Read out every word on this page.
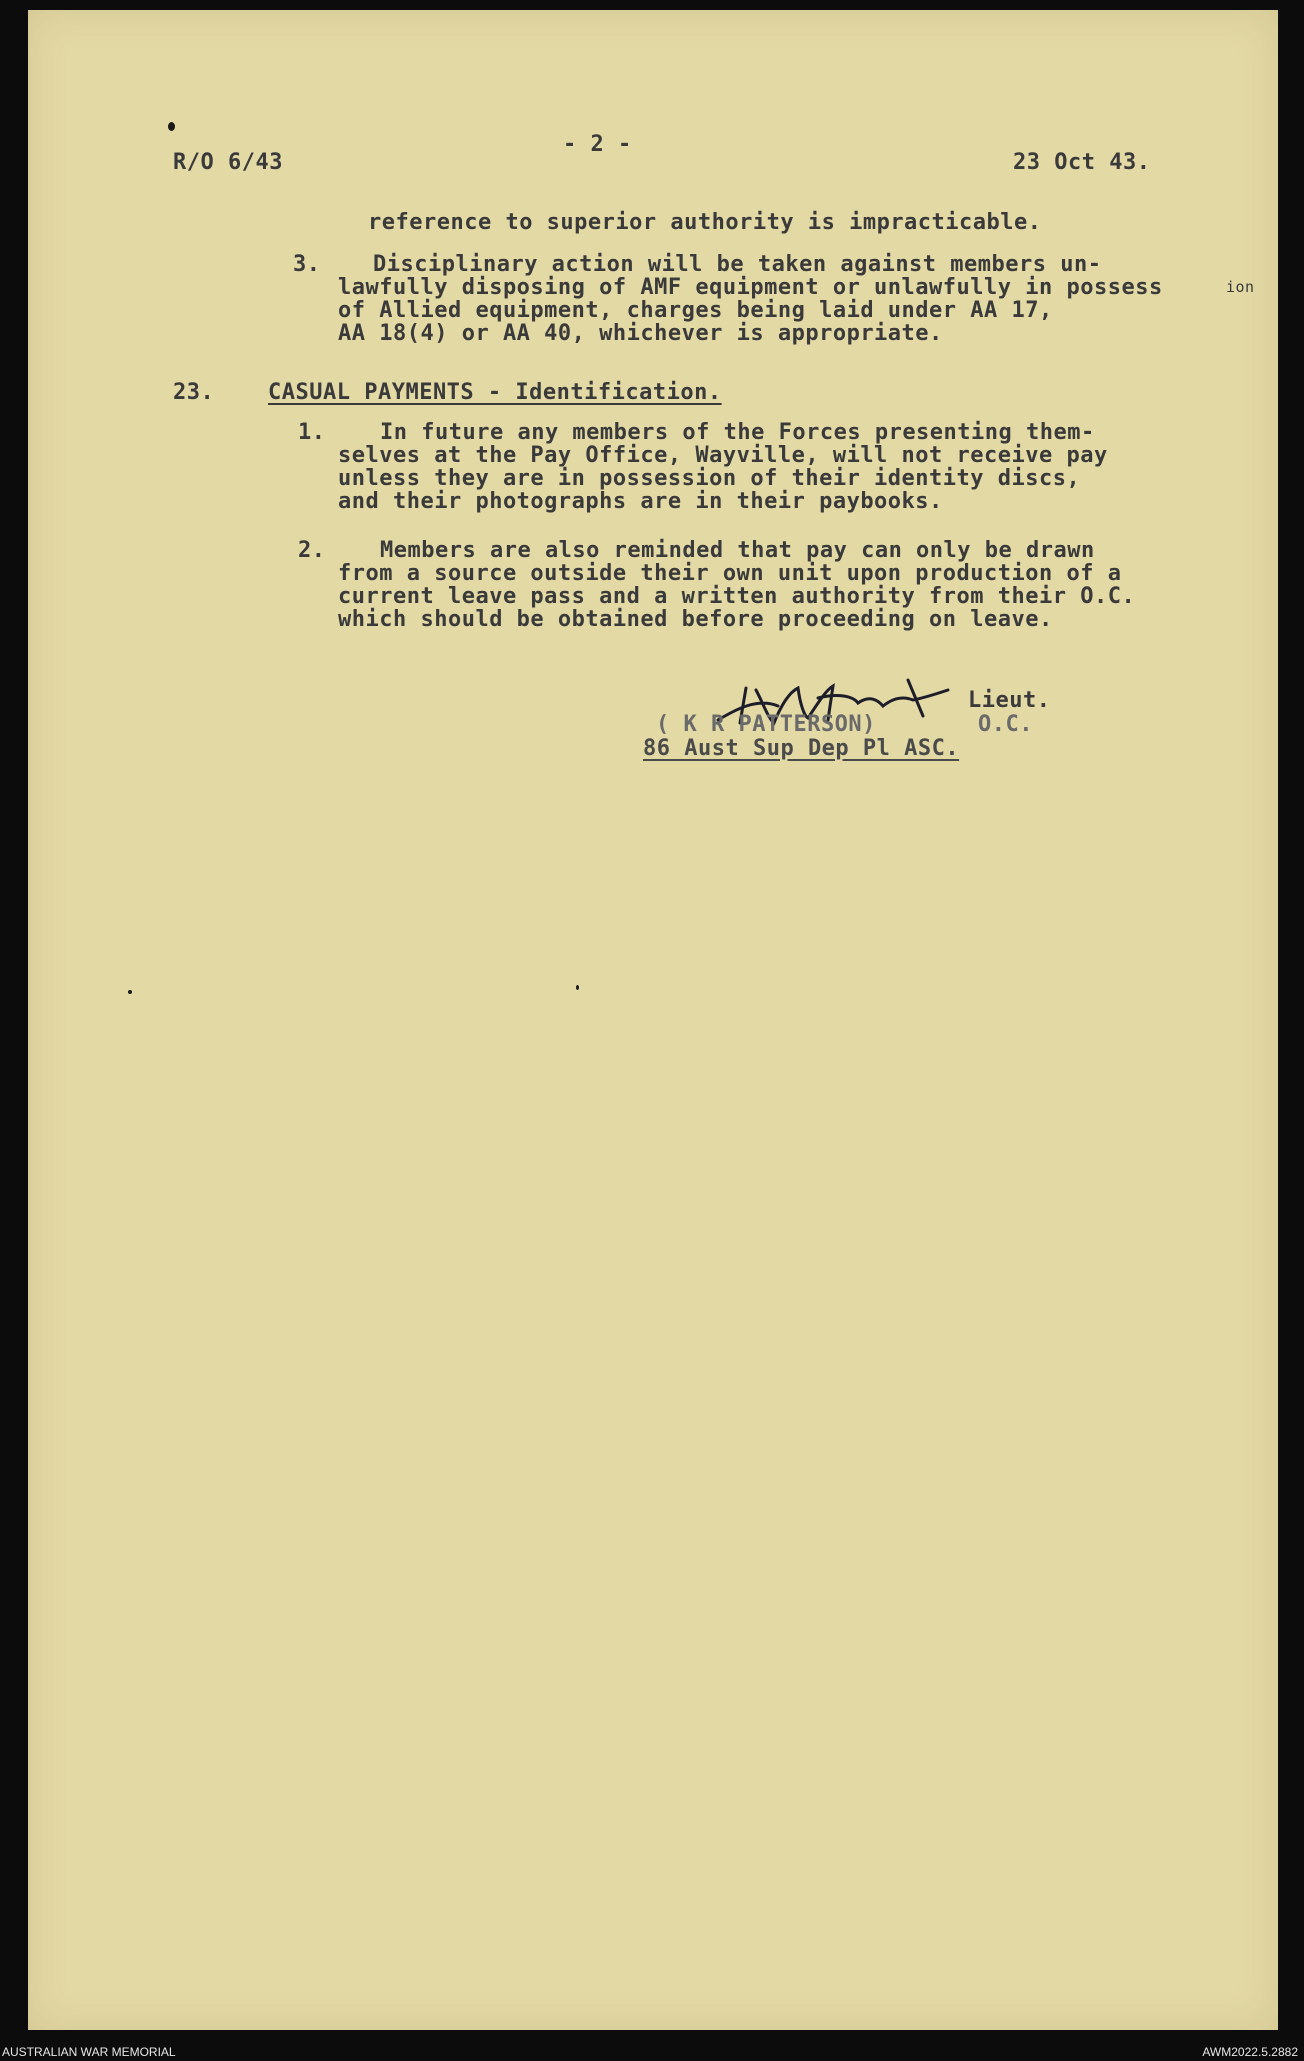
R/O 6/43
- 2 -
23 Oct 43.
reference to superior authority is impracticable.
3. Disciplinary action will be taken against members un-
lawfully disposing of AMF equipment or unlawfully in possess	ion
of Allied equipment, charges being laid under AA 17,
AA 18(4) or AA 40, whichever is appropriate.
23. CASUAL PAYMENTS - Identification.
1. In future any members of the Forces presenting them-
selves at the Pay Office, Wayville, will not receive pay
unless they are in possession of their identity discs,
and their photographs are in their paybooks.
2. Members are also reminded that pay can only be drawn
from a source outside their own unit upon production of a
current leave pass and a written authority from their O.C.
which should be obtained before proceeding on leave.
Lieut.
( K R PATTERSON)	O.C.
86 Aust Sup Dep Pl ASC.
AUSTRALIAN WAR MEMORIAL	AWM2022.5.2882
